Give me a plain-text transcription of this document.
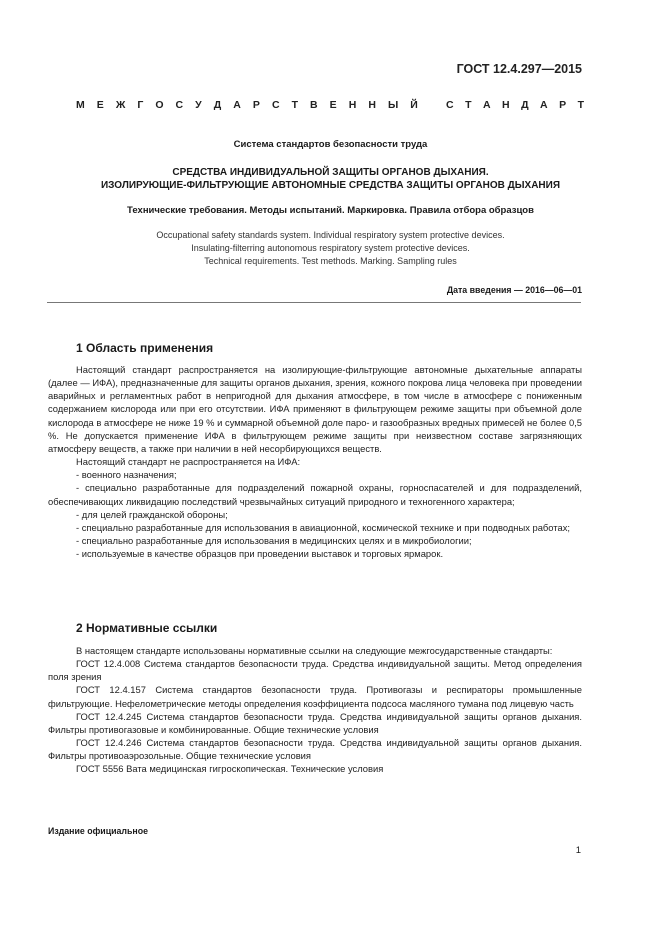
ГОСТ 12.4.297—2015
М Е Ж Г О С У Д А Р С Т В Е Н Н Ы Й	С Т А Н Д А Р Т
Система стандартов безопасности труда
СРЕДСТВА ИНДИВИДУАЛЬНОЙ ЗАЩИТЫ ОРГАНОВ ДЫХАНИЯ.
ИЗОЛИРУЮЩИЕ-ФИЛЬТРУЮЩИЕ АВТОНОМНЫЕ СРЕДСТВА ЗАЩИТЫ ОРГАНОВ ДЫХАНИЯ
Технические требования. Методы испытаний. Маркировка. Правила отбора образцов
Occupational safety standards system. Individual respiratory system protective devices.
Insulating-filterring autonomous respiratory system protective devices.
Technical requirements. Test methods. Marking. Sampling rules
Дата введения — 2016—06—01
1 Область применения

Настоящий стандарт распространяется на изолирующие-фильтрующие автономные дыхательные аппараты (далее — ИФА), предназначенные для защиты органов дыхания, зрения, кожного покрова лица человека при проведении аварийных и регламентных работ в непригодной для дыхания атмосфере, в том числе в атмосфере с пониженным содержанием кислорода или при его отсутствии. ИФА применяют в фильтрующем режиме защиты при объемной доле кислорода в атмосфере не ниже 19 % и суммарной объемной доле паро- и газообразных вредных примесей не более 0,5 %. Не допускается применение ИФА в фильтрующем режиме защиты при неизвестном составе загрязняющих атмосферу веществ, а также при наличии в ней несорбирующихся веществ.

Настоящий стандарт не распространяется на ИФА:

- военного назначения;

- специально разработанные для подразделений пожарной охраны, горноспасателей и для подразделений, обеспечивающих ликвидацию последствий чрезвычайных ситуаций природного и техногенного характера;

- для целей гражданской обороны;

- специально разработанные для использования в авиационной, космической технике и при подводных работах;

- специально разработанные для использования в медицинских целях и в микробиологии;

- используемые в качестве образцов при проведении выставок и торговых ярмарок.

2 Нормативные ссылки

В настоящем стандарте использованы нормативные ссылки на следующие межгосударственные стандарты:

ГОСТ 12.4.008 Система стандартов безопасности труда. Средства индивидуальной защиты. Метод определения поля зрения

ГОСТ 12.4.157 Система стандартов безопасности труда. Противогазы и респираторы промышленные фильтрующие. Нефелометрические методы определения коэффициента подсоса масляного тумана под лицевую часть

ГОСТ 12.4.245 Система стандартов безопасности труда. Средства индивидуальной защиты органов дыхания. Фильтры противогазовые и комбинированные. Общие технические условия

ГОСТ 12.4.246 Система стандартов безопасности труда. Средства индивидуальной защиты органов дыхания. Фильтры противоаэрозольные. Общие технические условия

ГОСТ 5556 Вата медицинская гигроскопическая. Технические условия

Издание официальное
1
